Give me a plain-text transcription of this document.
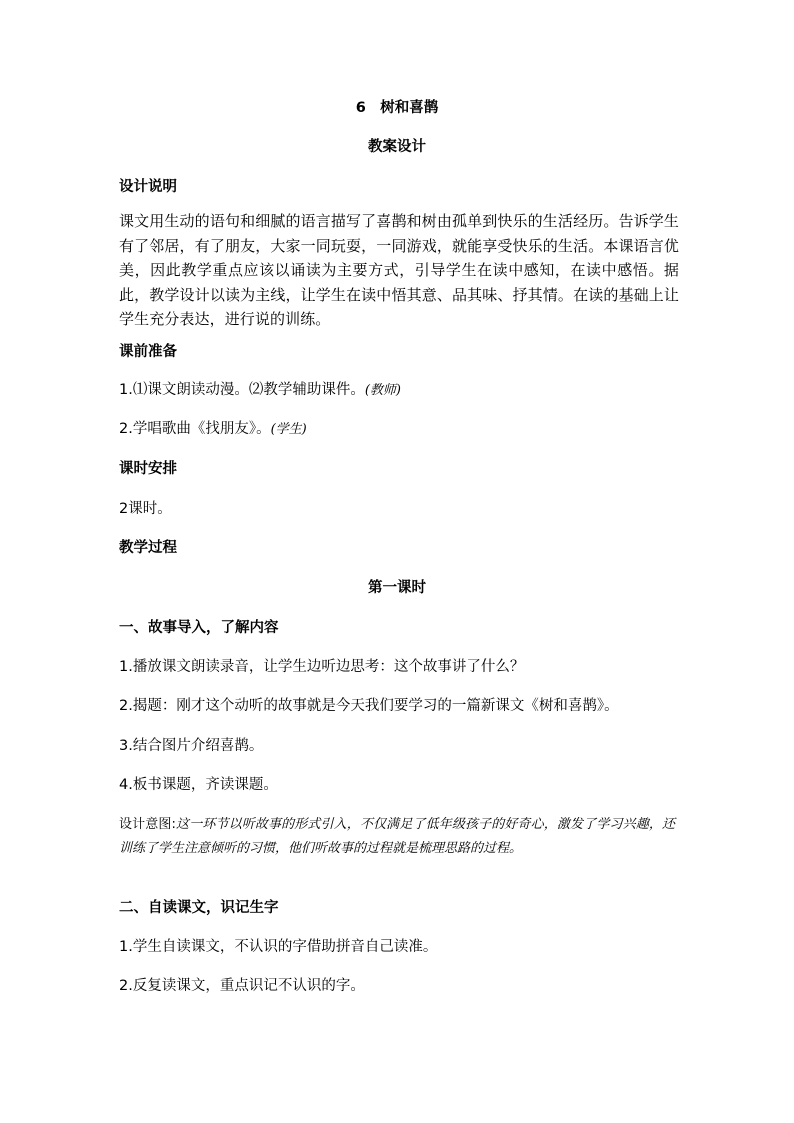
6　树和喜鹊
教案设计
设计说明
课文用生动的语句和细腻的语言描写了喜鹊和树由孤单到快乐的生活经历。告诉学生有了邻居，有了朋友，大家一同玩耍，一同游戏，就能享受快乐的生活。本课语言优美，因此教学重点应该以诵读为主要方式，引导学生在读中感知，在读中感悟。据此，教学设计以读为主线，让学生在读中悟其意、品其味、抒其情。在读的基础上让学生充分表达，进行说的训练。
课前准备
1.⑴课文朗读动漫。⑵教学辅助课件。(教师)
2.学唱歌曲《找朋友》。(学生)
课时安排
2课时。
教学过程
第一课时
一、故事导入，了解内容
1.播放课文朗读录音，让学生边听边思考：这个故事讲了什么？
2.揭题：刚才这个动听的故事就是今天我们要学习的一篇新课文《树和喜鹊》。
3.结合图片介绍喜鹊。
4.板书课题，齐读课题。
设计意图:这一环节以听故事的形式引入，不仅满足了低年级孩子的好奇心，激发了学习兴趣，还训练了学生注意倾听的习惯，他们听故事的过程就是梳理思路的过程。
二、自读课文，识记生字
1.学生自读课文，不认识的字借助拼音自己读准。
2.反复读课文，重点识记不认识的字。
